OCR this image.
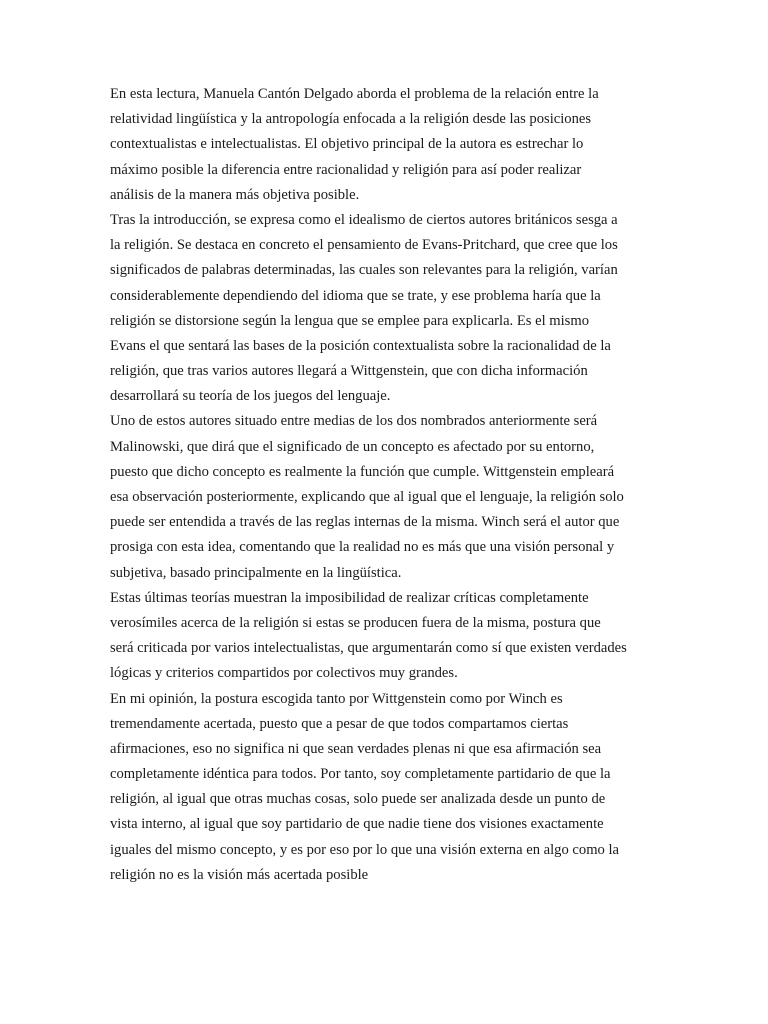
En esta lectura, Manuela Cantón Delgado aborda el problema de la relación entre la
relatividad lingüística y la antropología enfocada a la religión desde las posiciones
contextualistas e intelectualistas. El objetivo principal de la autora es estrechar lo
máximo posible la diferencia entre racionalidad y religión para así poder realizar
análisis de la manera más objetiva posible.
Tras la introducción, se expresa como el idealismo de ciertos autores británicos sesga a
la religión. Se destaca en concreto el pensamiento de Evans-Pritchard, que cree que los
significados de palabras determinadas, las cuales son relevantes para la religión, varían
considerablemente dependiendo del idioma que se trate, y ese problema haría que la
religión se distorsione según la lengua que se emplee para explicarla. Es el mismo
Evans el que sentará las bases de la posición contextualista sobre la racionalidad de la
religión, que tras varios autores llegará a Wittgenstein, que con dicha información
desarrollará su teoría de los juegos del lenguaje.
Uno de estos autores situado entre medias de los dos nombrados anteriormente será
Malinowski, que dirá que el significado de un concepto es afectado por su entorno,
puesto que dicho concepto es realmente la función que cumple. Wittgenstein empleará
esa observación posteriormente, explicando que al igual que el lenguaje, la religión solo
puede ser entendida a través de las reglas internas de la misma. Winch será el autor que
prosiga con esta idea, comentando que la realidad no es más que una visión personal y
subjetiva, basado principalmente en la lingüística.
Estas últimas teorías muestran la imposibilidad de realizar críticas completamente
verosímiles acerca de la religión si estas se producen fuera de la misma, postura que
será criticada por varios intelectualistas, que argumentarán como sí que existen verdades
lógicas y criterios compartidos por colectivos muy grandes.
En mi opinión, la postura escogida tanto por Wittgenstein como por Winch es
tremendamente acertada, puesto que a pesar de que todos compartamos ciertas
afirmaciones, eso no significa ni que sean verdades plenas ni que esa afirmación sea
completamente idéntica para todos. Por tanto, soy completamente partidario de que la
religión, al igual que otras muchas cosas, solo puede ser analizada desde un punto de
vista interno, al igual que soy partidario de que nadie tiene dos visiones exactamente
iguales del mismo concepto, y es por eso por lo que una visión externa en algo como la
religión no es la visión más acertada posible
